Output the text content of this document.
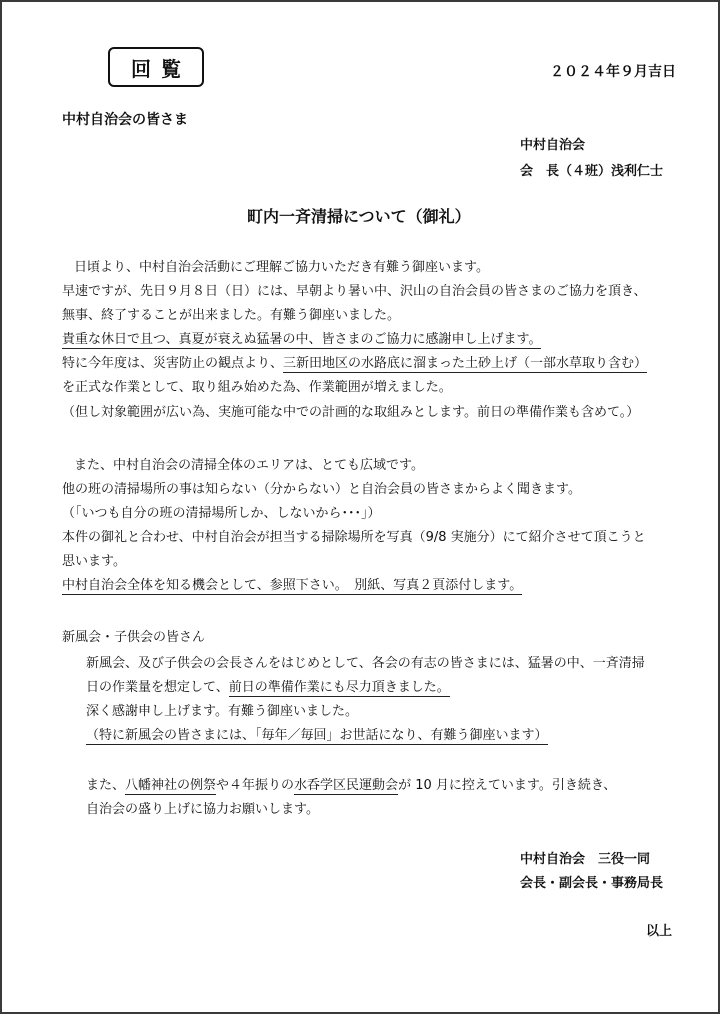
回覧	２０２４年９月吉日
中村自治会の皆さま
中村自治会
会　長（４班）浅利仁士
町内一斉清掃について（御礼）
日頃より、中村自治会活動にご理解ご協力いただき有難う御座います。
早速ですが、先日９月８日（日）には、早朝より暑い中、沢山の自治会員の皆さまのご協力を頂き、
無事、終了することが出来ました。有難う御座いました。
貴重な休日で且つ、真夏が衰えぬ猛暑の中、皆さまのご協力に感謝申し上げます。
特に今年度は、災害防止の観点より、三新田地区の水路底に溜まった土砂上げ（一部水草取り含む）
を正式な作業として、取り組み始めた為、作業範囲が増えました。
（但し対象範囲が広い為、実施可能な中での計画的な取組みとします。前日の準備作業も含めて。）
また、中村自治会の清掃全体のエリアは、とても広域です。
他の班の清掃場所の事は知らない（分からない）と自治会員の皆さまからよく聞きます。
（「いつも自分の班の清掃場所しか、しないから･･･」）
本件の御礼と合わせ、中村自治会が担当する掃除場所を写真（9/8 実施分）にて紹介させて頂こうと
思います。
中村自治会全体を知る機会として、参照下さい。　別紙、写真２頁添付します。
新風会・子供会の皆さん
新風会、及び子供会の会長さんをはじめとして、各会の有志の皆さまには、猛暑の中、一斉清掃
日の作業量を想定して、前日の準備作業にも尽力頂きました。
深く感謝申し上げます。有難う御座いました。
（特に新風会の皆さまには、「毎年／毎回」お世話になり、有難う御座います）
また、八幡神社の例祭や４年振りの水呑学区民運動会が 10 月に控えています。引き続き、
自治会の盛り上げに協力お願いします。
中村自治会　三役一同
会長・副会長・事務局長
以上
